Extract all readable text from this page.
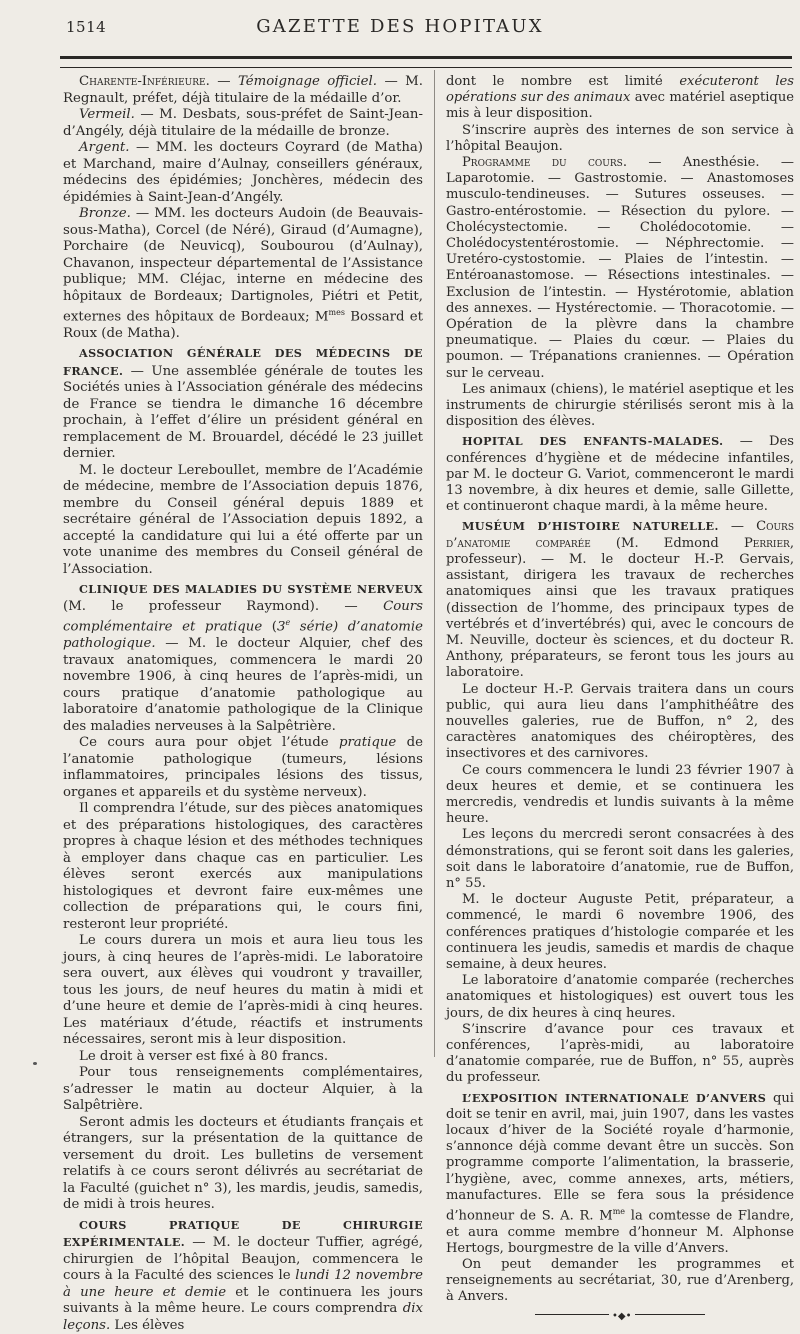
1514	GAZETTE DES HOPITAUX

Charente-Inférieure. — Témoignage officiel. — M. Regnault, préfet, déjà titulaire de la médaille d’or.

Vermeil. — M. Desbats, sous-préfet de Saint-Jean-d’Angély, déjà titulaire de la médaille de bronze.

Argent. — MM. les docteurs Coyrard (de Matha) et Marchand, maire d’Aulnay, conseillers généraux, médecins des épidémies; Jonchères, médecin des épidémies à Saint-Jean-d’Angély.

Bronze. — MM. les docteurs Audoin (de Beauvais-sous-Matha), Corcel (de Néré), Giraud (d’Aumagne), Porchaire (de Neuvicq), Soubourou (d’Aulnay), Chavanon, inspecteur départemental de l’Assistance publique; MM. Cléjac, interne en médecine des hôpitaux de Bordeaux; Dartignoles, Piétri et Petit, externes des hôpitaux de Bordeaux; $M^{mes}$ Bossard et Roux (de Matha).

ASSOCIATION GÉNÉRALE DES MÉDECINS DE FRANCE. — Une assemblée générale de toutes les Sociétés unies à l’Association générale des médecins de France se tiendra le dimanche 16 décembre prochain, à l’effet d’élire un président général en remplacement de M. Brouardel, décédé le 23 juillet dernier.

M. le docteur Lereboullet, membre de l’Académie de médecine, membre de l’Association depuis 1876, membre du Conseil général depuis 1889 et secrétaire général de l’Association depuis 1892, a accepté la candidature qui lui a été offerte par un vote unanime des membres du Conseil général de l’Association.

CLINIQUE DES MALADIES DU SYSTÈME NERVEUX (M. le professeur Raymond). — Cours complémentaire et pratique (3e série) d’anatomie pathologique. — M. le docteur Alquier, chef des travaux anatomiques, commencera le mardi 20 novembre 1906, à cinq heures de l’après-midi, un cours pratique d’anatomie pathologique au laboratoire d’anatomie pathologique de la Clinique des maladies nerveuses à la Salpêtrière.

Ce cours aura pour objet l’étude pratique de l’anatomie pathologique (tumeurs, lésions inflammatoires, principales lésions des tissus, organes et appareils et du système nerveux).

Il comprendra l’étude, sur des pièces anatomiques et des préparations histologiques, des caractères propres à chaque lésion et des méthodes techniques à employer dans chaque cas en particulier. Les élèves seront exercés aux manipulations histologiques et devront faire eux-mêmes une collection de préparations qui, le cours fini, resteront leur propriété.

Le cours durera un mois et aura lieu tous les jours, à cinq heures de l’après-midi. Le laboratoire sera ouvert, aux élèves qui voudront y travailler, tous les jours, de neuf heures du matin à midi et d’une heure et demie de l’après-midi à cinq heures. Les matériaux d’étude, réactifs et instruments nécessaires, seront mis à leur disposition.

Le droit à verser est fixé à 80 francs.

Pour tous renseignements complémentaires, s’adresser le matin au docteur Alquier, à la Salpêtrière.

Seront admis les docteurs et étudiants français et étrangers, sur la présentation de la quittance de versement du droit. Les bulletins de versement relatifs à ce cours seront délivrés au secrétariat de la Faculté (guichet n° 3), les mardis, jeudis, samedis, de midi à trois heures.

COURS PRATIQUE DE CHIRURGIE EXPÉRIMENTALE. — M. le docteur Tuffier, agrégé, chirurgien de l’hôpital Beaujon, commencera le cours à la Faculté des sciences le lundi 12 novembre à une heure et demie et le continuera les jours suivants à la même heure. Le cours comprendra dix leçons. Les élèves

dont le nombre est limité exécuteront les opérations sur des animaux avec matériel aseptique mis à leur disposition.

S’inscrire auprès des internes de son service à l’hôpital Beaujon.

Programme du cours. — Anesthésie. — Laparotomie. — Gastrostomie. — Anastomoses musculo-tendineuses. — Sutures osseuses. — Gastro-entérostomie. — Résection du pylore. — Cholécystectomie. — Cholédocotomie. — Cholédocystentérostomie. — Néphrectomie. — Uretéro-cystostomie. — Plaies de l’intestin. — Entéroanastomose. — Résections intestinales. — Exclusion de l’intestin. — Hystérotomie, ablation des annexes. — Hystérectomie. — Thoracotomie. — Opération de la plèvre dans la chambre pneumatique. — Plaies du cœur. — Plaies du poumon. — Trépanations craniennes. — Opération sur le cerveau.

Les animaux (chiens), le matériel aseptique et les instruments de chirurgie stérilisés seront mis à la disposition des élèves.

HOPITAL DES ENFANTS-MALADES. — Des conférences d’hygiène et de médecine infantiles, par M. le docteur G. Variot, commenceront le mardi 13 novembre, à dix heures et demie, salle Gillette, et continueront chaque mardi, à la même heure.

MUSÉUM D’HISTOIRE NATURELLE. — Cours d’anatomie comparée (M. Edmond Perrier, professeur). — M. le docteur H.-P. Gervais, assistant, dirigera les travaux de recherches anatomiques ainsi que les travaux pratiques (dissection de l’homme, des principaux types de vertébrés et d’invertébrés) qui, avec le concours de M. Neuville, docteur ès sciences, et du docteur R. Anthony, préparateurs, se feront tous les jours au laboratoire.

Le docteur H.-P. Gervais traitera dans un cours public, qui aura lieu dans l’amphithéâtre des nouvelles galeries, rue de Buffon, n° 2, des caractères anatomiques des chéiroptères, des insectivores et des carnivores.

Ce cours commencera le lundi 23 février 1907 à deux heures et demie, et se continuera les mercredis, vendredis et lundis suivants à la même heure.

Les leçons du mercredi seront consacrées à des démonstrations, qui se feront soit dans les galeries, soit dans le laboratoire d’anatomie, rue de Buffon, n° 55.

M. le docteur Auguste Petit, préparateur, a commencé, le mardi 6 novembre 1906, des conférences pratiques d’histologie comparée et les continuera les jeudis, samedis et mardis de chaque semaine, à deux heures.

Le laboratoire d’anatomie comparée (recherches anatomiques et histologiques) est ouvert tous les jours, de dix heures à cinq heures.

S’inscrire d’avance pour ces travaux et conférences, l’après-midi, au laboratoire d’anatomie comparée, rue de Buffon, n° 55, auprès du professeur.

L’EXPOSITION INTERNATIONALE D’ANVERS qui doit se tenir en avril, mai, juin 1907, dans les vastes locaux d’hiver de la Société royale d’harmonie, s’annonce déjà comme devant être un succès. Son programme comporte l’alimentation, la brasserie, l’hygiène, avec, comme annexes, arts, métiers, manufactures. Elle se fera sous la présidence d’honneur de S. A. R. $M^{me}$ la comtesse de Flandre, et aura comme membre d’honneur M. Alphonse Hertogs, bourgmestre de la ville d’Anvers.

On peut demander les programmes et renseignements au secrétariat, 30, rue d’Arenberg, à Anvers.

•◆•
